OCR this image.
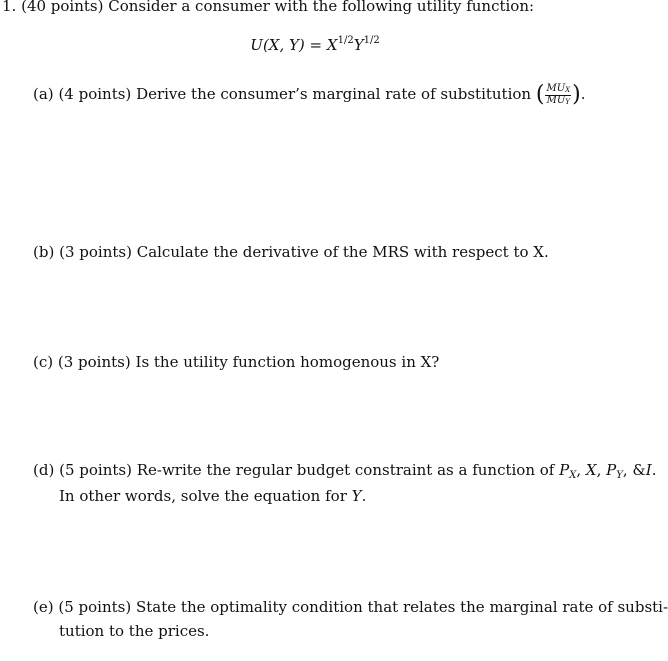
1. (40 points) Consider a consumer with the following utility function:
U(X, $Y) = X^{1/2}Y^{1/2}$
(a) (4 points) Derive the consumer’s marginal rate of substitution ( $\frac{MU_X}{MU_Y}$ ).
(b) (3 points) Calculate the derivative of the MRS with respect to X.
(c) (3 points) Is the utility function homogenous in X?
(d) (5 points) Re-write the regular budget constraint as a function of $P_X$, X, $P_Y$, &I.
In other words, solve the equation for Y.
(e) (5 points) State the optimality condition that relates the marginal rate of substi-
tution to the prices.
